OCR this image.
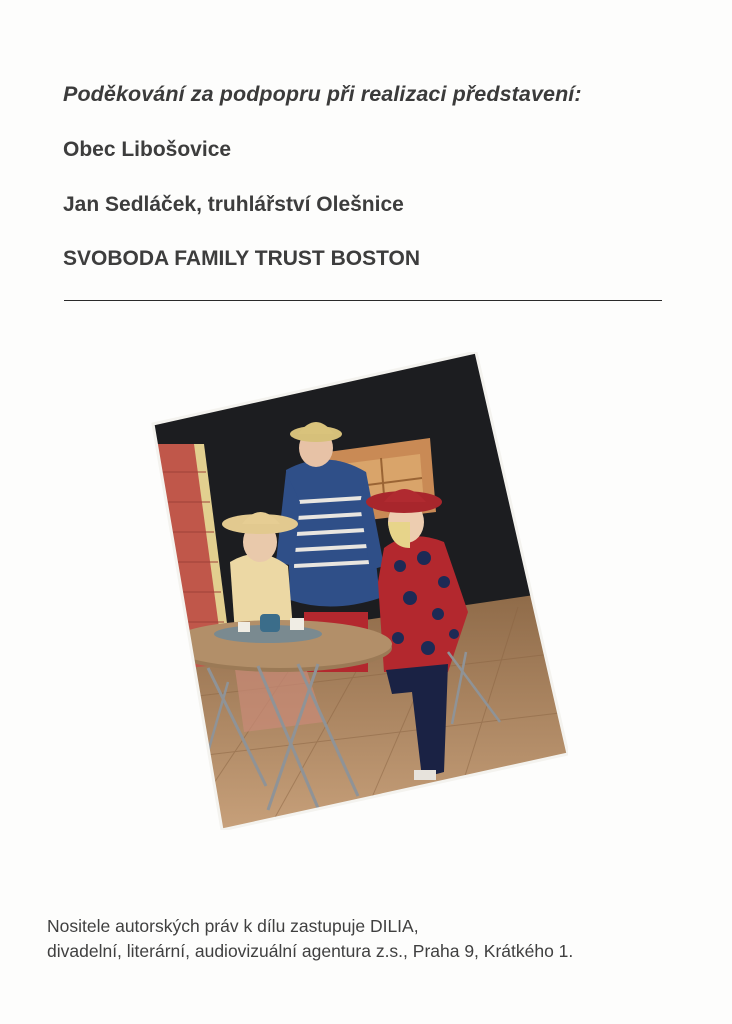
Poděkování za podpopru při realizaci představení:

Obec Libošovice

Jan Sedláček, truhlářství Olešnice

SVOBODA FAMILY TRUST BOSTON

Nositele autorských práv k dílu zastupuje DILIA,
divadelní, literární, audiovizuální agentura z.s., Praha 9, Krátkého 1.
